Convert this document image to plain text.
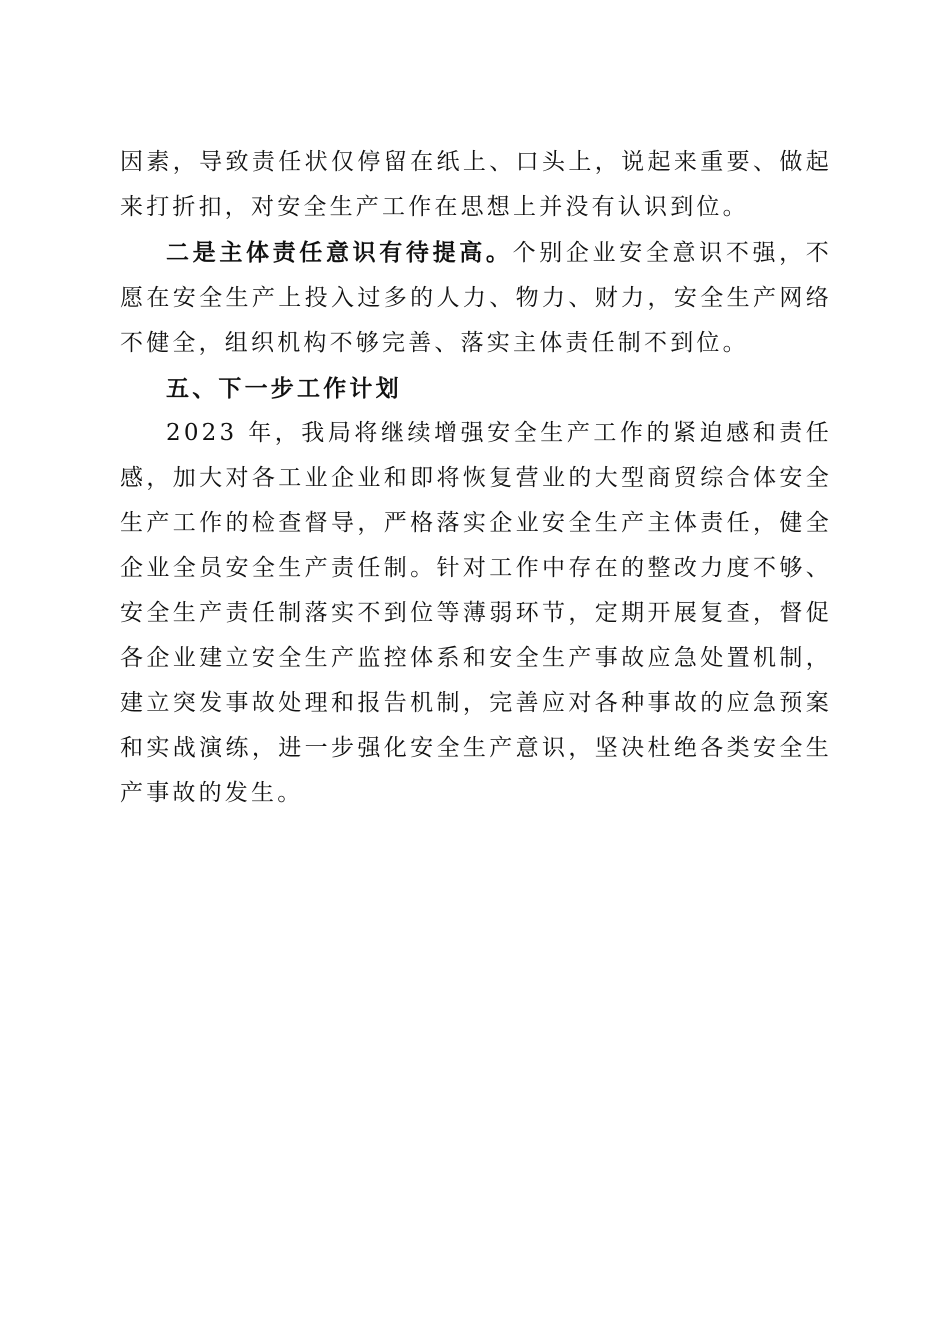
因素，导致责任状仅停留在纸上、口头上，说起来重要、做起来打折扣，对安全生产工作在思想上并没有认识到位。

二是主体责任意识有待提高。个别企业安全意识不强，不愿在安全生产上投入过多的人力、物力、财力，安全生产网络不健全，组织机构不够完善、落实主体责任制不到位。

五、下一步工作计划

2023 年，我局将继续增强安全生产工作的紧迫感和责任感，加大对各工业企业和即将恢复营业的大型商贸综合体安全生产工作的检查督导，严格落实企业安全生产主体责任，健全企业全员安全生产责任制。针对工作中存在的整改力度不够、安全生产责任制落实不到位等薄弱环节，定期开展复查，督促各企业建立安全生产监控体系和安全生产事故应急处置机制，建立突发事故处理和报告机制，完善应对各种事故的应急预案和实战演练，进一步强化安全生产意识，坚决杜绝各类安全生产事故的发生。
